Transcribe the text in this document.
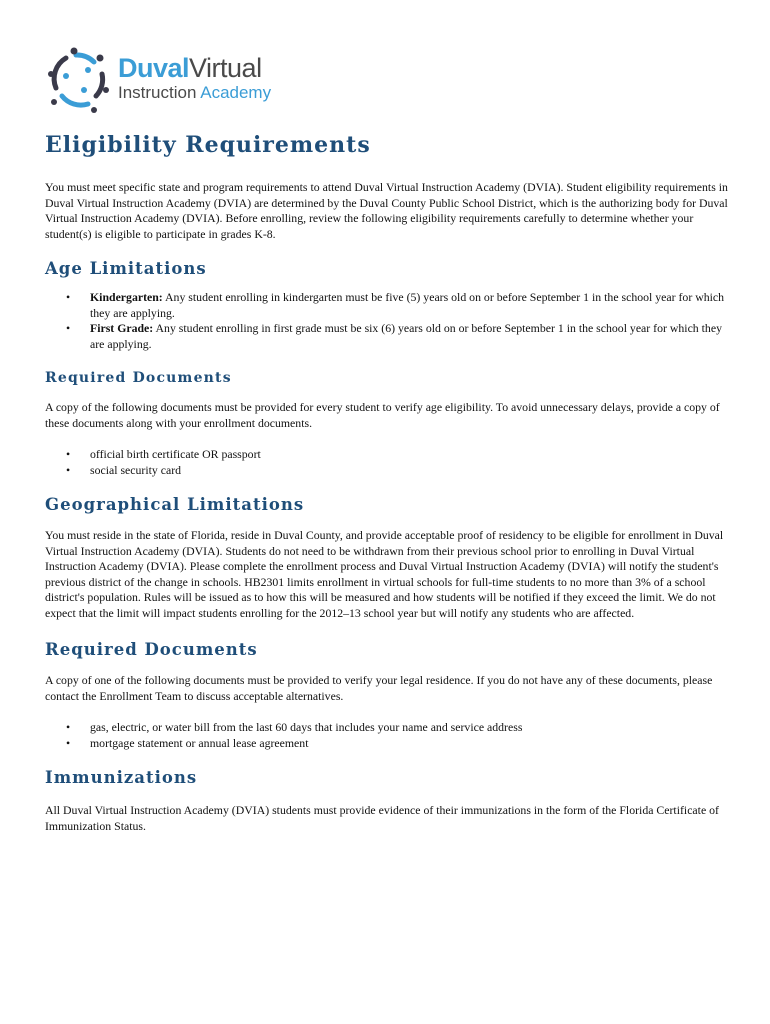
DuvalVirtual
Instruction Academy
Eligibility Requirements

You must meet specific state and program requirements to attend Duval Virtual Instruction Academy (DVIA). Student eligibility requirements in Duval Virtual Instruction Academy (DVIA) are determined by the Duval County Public School District, which is the authorizing body for Duval Virtual Instruction Academy (DVIA). Before enrolling, review the following eligibility requirements carefully to determine whether your student(s) is eligible to participate in grades K-8.

Age Limitations
• Kindergarten: Any student enrolling in kindergarten must be five (5) years old on or before September 1 in the school year for which they are applying.
• First Grade: Any student enrolling in first grade must be six (6) years old on or before September 1 in the school year for which they are applying.
Required Documents

A copy of the following documents must be provided for every student to verify age eligibility. To avoid unnecessary delays, provide a copy of these documents along with your enrollment documents.

• official birth certificate OR passport
• social security card
Geographical Limitations

You must reside in the state of Florida, reside in Duval County, and provide acceptable proof of residency to be eligible for enrollment in Duval Virtual Instruction Academy (DVIA). Students do not need to be withdrawn from their previous school prior to enrolling in Duval Virtual Instruction Academy (DVIA). Please complete the enrollment process and Duval Virtual Instruction Academy (DVIA) will notify the student's previous district of the change in schools. HB2301 limits enrollment in virtual schools for full-time students to no more than 3% of a school district's population. Rules will be issued as to how this will be measured and how students will be notified if they exceed the limit. We do not expect that the limit will impact students enrolling for the 2012–13 school year but will notify any students who are affected.

Required Documents

A copy of one of the following documents must be provided to verify your legal residence. If you do not have any of these documents, please contact the Enrollment Team to discuss acceptable alternatives.

• gas, electric, or water bill from the last 60 days that includes your name and service address
• mortgage statement or annual lease agreement
Immunizations

All Duval Virtual Instruction Academy (DVIA) students must provide evidence of their immunizations in the form of the Florida Certificate of Immunization Status.
